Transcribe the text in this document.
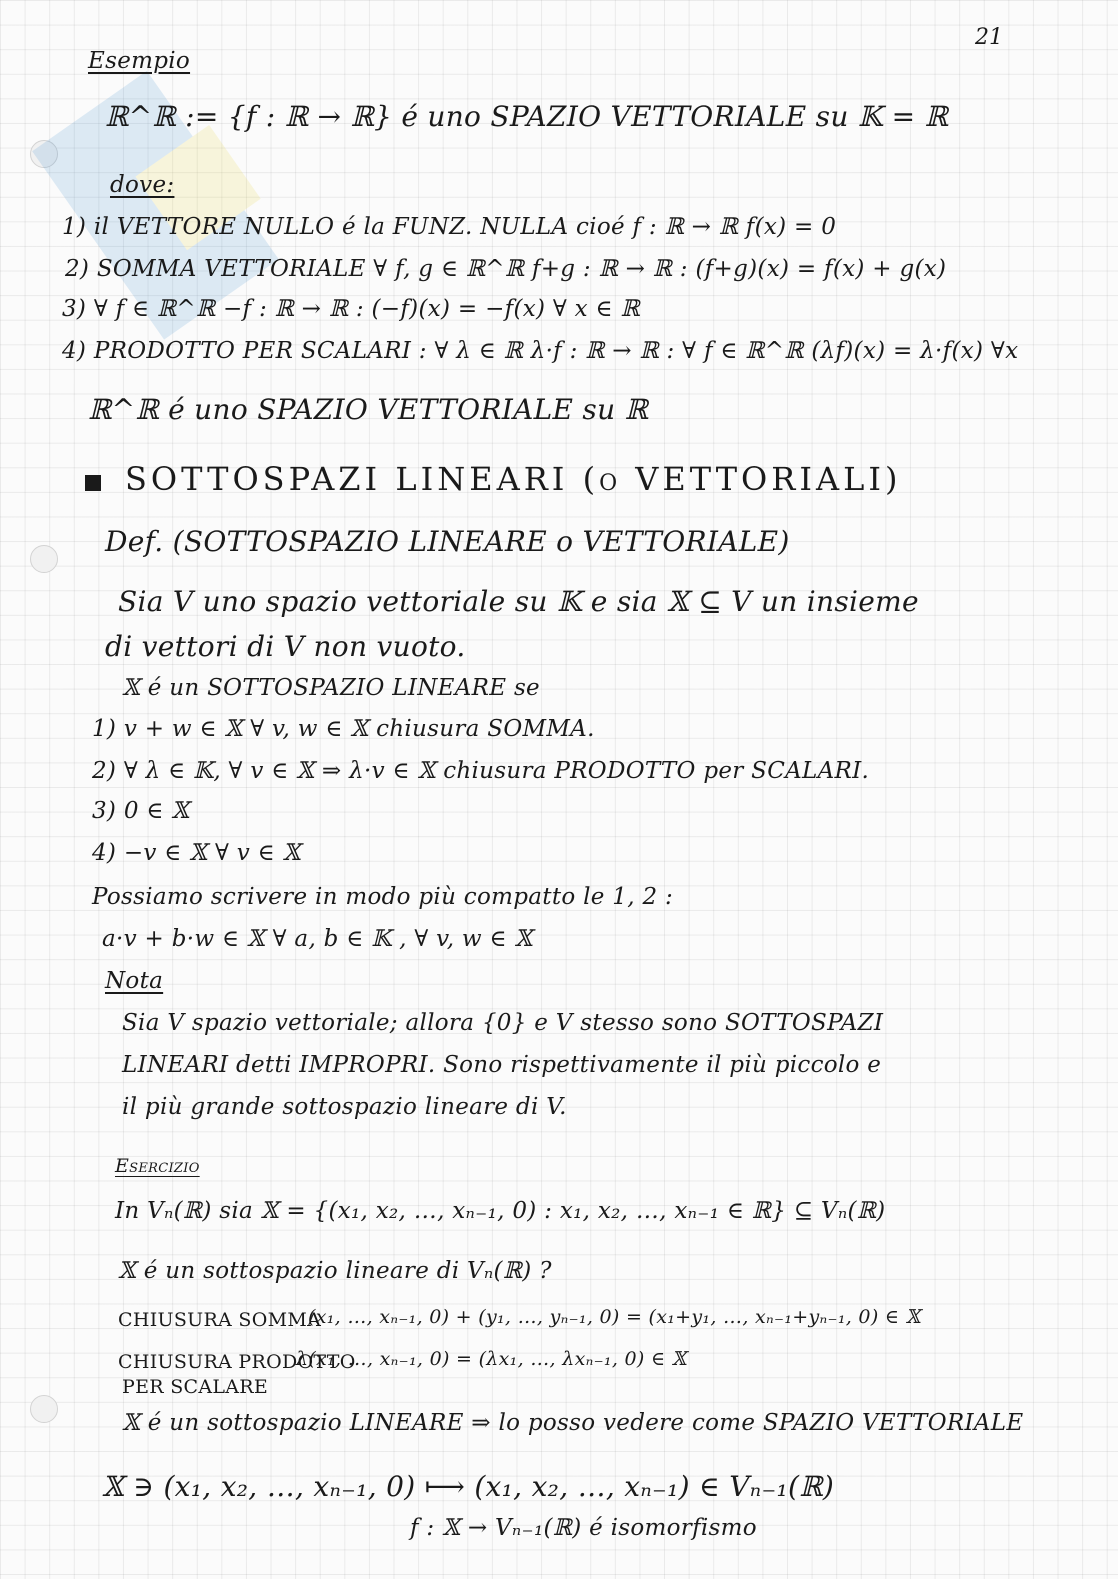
21
Esempio
ℝ^ℝ := {f : ℝ → ℝ} é uno SPAZIO VETTORIALE su 𝕂 = ℝ
dove:
1) il VETTORE NULLO é la FUNZ. NULLA cioé f : ℝ → ℝ f(x) = 0
2) SOMMA VETTORIALE ∀ f, g ∈ ℝ^ℝ f+g : ℝ → ℝ : (f+g)(x) = f(x) + g(x)
3) ∀ f ∈ ℝ^ℝ −f : ℝ → ℝ : (−f)(x) = −f(x) ∀ x ∈ ℝ
4) PRODOTTO PER SCALARI : ∀ λ ∈ ℝ λ·f : ℝ → ℝ : ∀ f ∈ ℝ^ℝ (λf)(x) = λ·f(x) ∀x
ℝ^ℝ é uno SPAZIO VETTORIALE su ℝ
SOTTOSPAZI LINEARI (o VETTORIALI)
Def. (SOTTOSPAZIO LINEARE o VETTORIALE)
Sia V uno spazio vettoriale su 𝕂 e sia 𝕏 ⊆ V un insieme
di vettori di V non vuoto.
𝕏 é un SOTTOSPAZIO LINEARE se
1) v + w ∈ 𝕏 ∀ v, w ∈ 𝕏 chiusura SOMMA.
2) ∀ λ ∈ 𝕂, ∀ v ∈ 𝕏 ⇒ λ·v ∈ 𝕏 chiusura PRODOTTO per SCALARI.
3) 0 ∈ 𝕏
4) −v ∈ 𝕏 ∀ v ∈ 𝕏
Possiamo scrivere in modo più compatto le 1, 2 :
a·v + b·w ∈ 𝕏 ∀ a, b ∈ 𝕂 , ∀ v, w ∈ 𝕏
Nota
Sia V spazio vettoriale; allora {0} e V stesso sono SOTTOSPAZI
LINEARI detti IMPROPRI. Sono rispettivamente il più piccolo e
il più grande sottospazio lineare di V.
Esercizio
In Vₙ(ℝ) sia 𝕏 = {(x₁, x₂, …, xₙ₋₁, 0) : x₁, x₂, …, xₙ₋₁ ∈ ℝ} ⊆ Vₙ(ℝ)
𝕏 é un sottospazio lineare di Vₙ(ℝ) ?
CHIUSURA SOMMA
(x₁, …, xₙ₋₁, 0) + (y₁, …, yₙ₋₁, 0) = (x₁+y₁, …, xₙ₋₁+yₙ₋₁, 0) ∈ 𝕏
CHIUSURA PRODOTTO
PER SCALARE
λ(x₁, …, xₙ₋₁, 0) = (λx₁, …, λxₙ₋₁, 0) ∈ 𝕏
𝕏 é un sottospazio LINEARE ⇒ lo posso vedere come SPAZIO VETTORIALE
𝕏 ∋ (x₁, x₂, …, xₙ₋₁, 0) ⟼ (x₁, x₂, …, xₙ₋₁) ∈ Vₙ₋₁(ℝ)
f : 𝕏 → Vₙ₋₁(ℝ) é isomorfismo
